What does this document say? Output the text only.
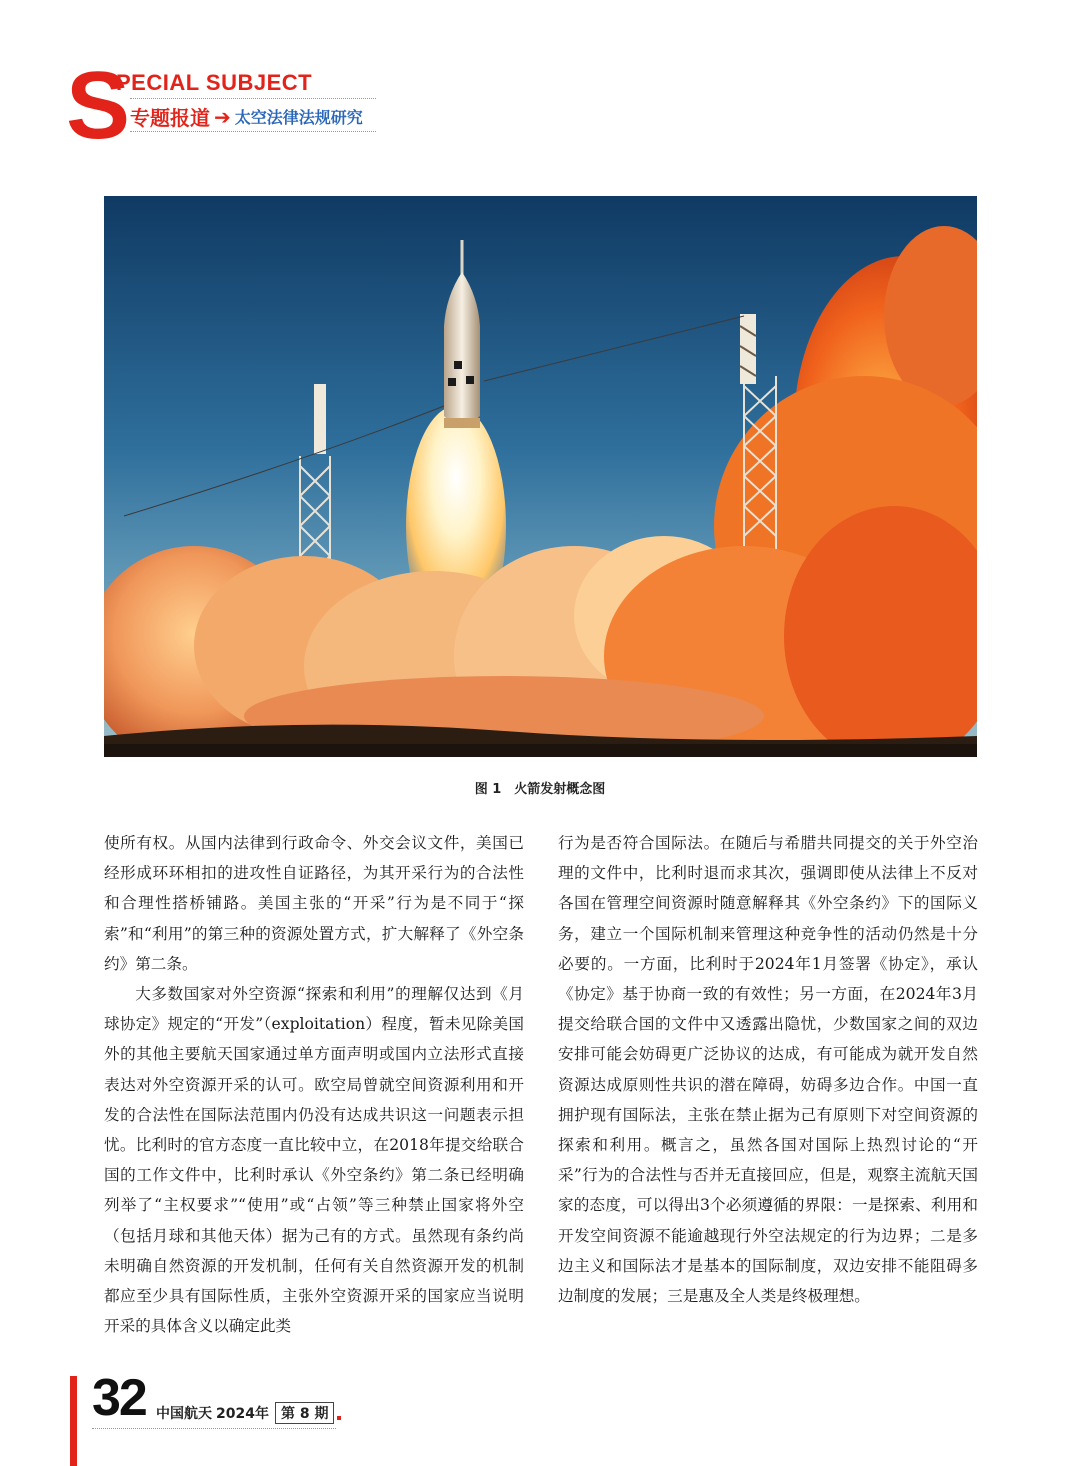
S
PECIAL SUBJECT
专题报道 ➔ 太空法律法规研究
图 1　火箭发射概念图

使所有权。从国内法律到行政命令、外交会议文件，美国已经形成环环相扣的进攻性自证路径，为其开采行为的合法性和合理性搭桥铺路。美国主张的“开采”行为是不同于“探索”和“利用”的第三种的资源处置方式，扩大解释了《外空条约》第二条。

大多数国家对外空资源“探索和利用”的理解仅达到《月球协定》规定的“开发”（exploitation）程度，暂未见除美国外的其他主要航天国家通过单方面声明或国内立法形式直接表达对外空资源开采的认可。欧空局曾就空间资源利用和开发的合法性在国际法范围内仍没有达成共识这一问题表示担忧。比利时的官方态度一直比较中立，在2018年提交给联合国的工作文件中，比利时承认《外空条约》第二条已经明确列举了“主权要求”“使用”或“占领”等三种禁止国家将外空（包括月球和其他天体）据为己有的方式。虽然现有条约尚未明确自然资源的开发机制，任何有关自然资源开发的机制都应至少具有国际性质，主张外空资源开采的国家应当说明开采的具体含义以确定此类

行为是否符合国际法。在随后与希腊共同提交的关于外空治理的文件中，比利时退而求其次，强调即使从法律上不反对各国在管理空间资源时随意解释其《外空条约》下的国际义务，建立一个国际机制来管理这种竞争性的活动仍然是十分必要的。一方面，比利时于2024年1月签署《协定》，承认《协定》基于协商一致的有效性；另一方面，在2024年3月提交给联合国的文件中又透露出隐忧，少数国家之间的双边安排可能会妨碍更广泛协议的达成，有可能成为就开发自然资源达成原则性共识的潜在障碍，妨碍多边合作。中国一直拥护现有国际法，主张在禁止据为己有原则下对空间资源的探索和利用。概言之，虽然各国对国际上热烈讨论的“开采”行为的合法性与否并无直接回应，但是，观察主流航天国家的态度，可以得出3个必须遵循的界限：一是探索、利用和开发空间资源不能逾越现行外空法规定的行为边界；二是多边主义和国际法才是基本的国际制度，双边安排不能阻碍多边制度的发展；三是惠及全人类是终极理想。

32 中国航天 2024年 第 8 期
